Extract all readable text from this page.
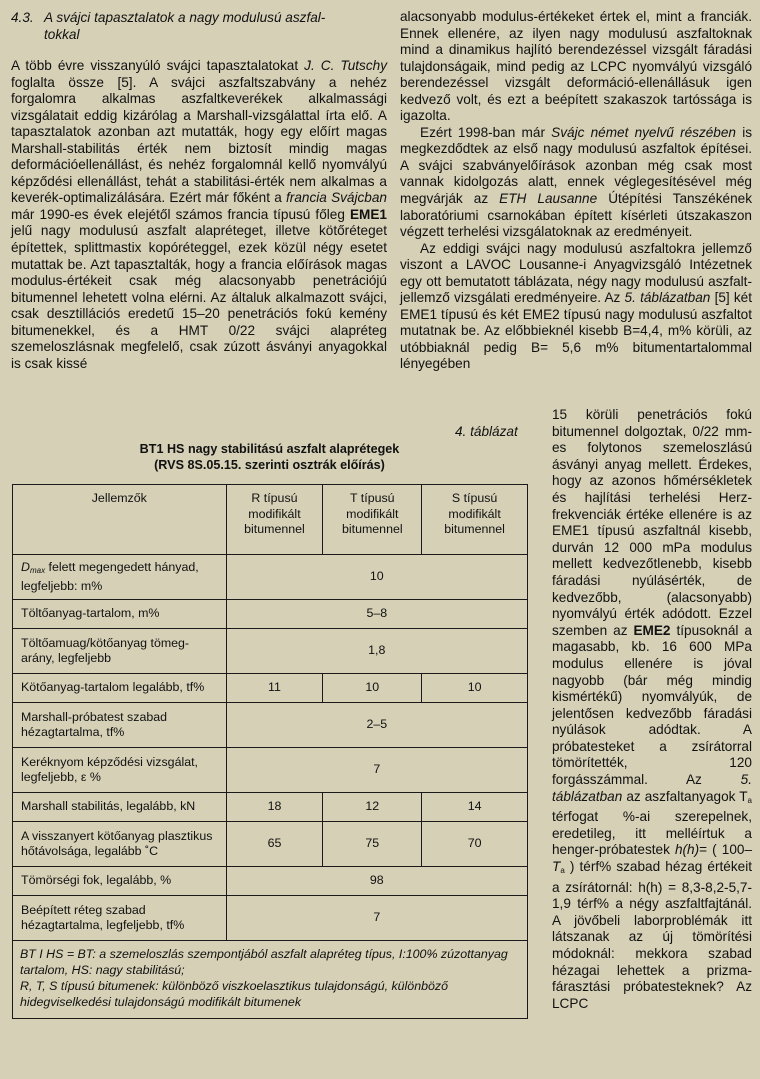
4.3. A svájci tapasztalatok a nagy modulusú aszfal-
tokkal

A több évre visszanyúló svájci tapasztalatokat J. C. Tutschy foglalta össze [5]. A svájci aszfaltszabvány a nehéz forgalomra alkalmas aszfaltkeverékek alkalmassági vizsgálatait eddig kizárólag a Marshall-vizsgálattal írta elő. A tapasztalatok azonban azt mutatták, hogy egy előírt magas Marshall-stabilitás érték nem biztosít mindig magas deformációellenállást, és nehéz forgalomnál kellő nyomvályú képződési ellenállást, tehát a stabilitási-érték nem alkalmas a keverék-optimalizálására. Ezért már főként a francia Svájcban már 1990-es évek elejétől számos francia típusú főleg EME1 jelű nagy modulusú aszfalt alapréteget, illetve kötőréteget építettek, splittmastix kopóréteggel, ezek közül négy esetet mutattak be. Azt tapasztalták, hogy a francia előírások magas modulus-értékeit csak még alacsonyabb penetrációjú bitumennel lehetett volna elérni. Az általuk alkalmazott svájci, csak desztillációs eredetű 15–20 penetrációs fokú kemény bitumenekkel, és a HMT 0/22 svájci alapréteg szemeloszlásnak megfelelő, csak zúzott ásványi anyagokkal is csak kissé

alacsonyabb modulus-értékeket értek el, mint a franciák. Ennek ellenére, az ilyen nagy modulusú aszfaltoknak mind a dinamikus hajlító berendezéssel vizsgált fáradási tulajdonságaik, mind pedig az LCPC nyomvályú vizsgáló berendezéssel vizsgált deformáció-ellenállásuk igen kedvező volt, és ezt a beépített szakaszok tartóssága is igazolta.

Ezért 1998-ban már Svájc német nyelvű részében is megkezdődtek az első nagy modulusú aszfaltok építései. A svájci szabványelőírások azonban még csak most vannak kidolgozás alatt, ennek véglegesítésével még megvárják az ETH Lausanne Útépítési Tanszékének laboratóriumi csarnokában épített kísérleti útszakaszon végzett terhelési vizsgálatoknak az eredményeit.

Az eddigi svájci nagy modulusú aszfaltokra jellemző viszont a LAVOC Lousanne-i Anyagvizsgáló Intézetnek egy ott bemutatott táblázata, négy nagy modulusú aszfalt-jellemző vizsgálati eredményeire. Az 5. táblázatban [5] két EME1 típusú és két EME2 típusú nagy modulusú aszfaltot mutatnak be. Az előbbieknél kisebb B=4,4, m% körüli, az utóbbiaknál pedig B= 5,6 m% bitumentartalommal lényegében

15 körüli penetrációs fokú bitumennel dolgoztak, 0/22 mm-es folytonos szemeloszlású ásványi anyag mellett. Érdekes, hogy az azonos hőmérsékletek és hajlítási terhelési Herz-frekvenciák értéke ellenére is az EME1 típusú aszfaltnál kisebb, durván 12 000 mPa modulus mellett kedvezőtlenebb, kisebb fáradási nyúlásérték, de kedvezőbb, (alacsonyabb) nyomvályú érték adódott. Ezzel szemben az EME2 típusoknál a magasabb, kb. 16 600 MPa modulus ellenére is jóval nagyobb (bár még mindig kismértékű) nyomvályúk, de jelentősen kedvezőbb fáradási nyúlások adódtak. A próbatesteket a zsírátorral tömörítették, 120 forgásszámmal. Az 5. táblázatban az aszfaltanyagok $T_a$ térfogat %-ai szerepelnek, eredetileg, itt melléírtuk a henger-próbatestek h(h)= ( $100-T_a$ ) térf% szabad hézag értékeit a zsírátornál: h(h) = 8,3-8,2-5,7-1,9 térf% a négy aszfaltfajtánál. A jövőbeli laborproblémák itt látszanak az új tömörítési módoknál: mekkora szabad hézagai lehettek a prizma-fárasztási próbatesteknek? Az LCPC

4. táblázat
BT1 HS nagy stabilitású aszfalt alaprétegek
(RVS 8S.05.15. szerinti osztrák előírás)
Jellemzők	R típusú modifikált bitumennel	T típusú modifikált bitumennel	S típusú modifikált bitumennel
$D_{max}$ felett megengedett hányad, legfeljebb: m%	10		
Töltőanyag-tartalom, m%	5–8		
Töltőamuag/kötőanyag tömeg-arány, legfeljebb	1,8		
Kötőanyag-tartalom legalább, tf%	11	10	10
Marshall-próbatest szabad hézagtartalma, tf%	2–5		
Keréknyom képződési vizsgálat, legfeljebb, ε %	7		
Marshall stabilitás, legalább, kN	18	12	14
A visszanyert kötőanyag plasztikus hőtávolsága, legalább ˚C	65	75	70
Tömörségi fok, legalább, %	98		
Beépített réteg szabad hézagtartalma, legfeljebb, tf%	7		

BT I HS = BT: a szemeloszlás szempontjából aszfalt alapréteg típus, I:100% zúzottanyag tartalom, HS: nagy stabilitású;
R, T, S típusú bitumenek: különböző viszkoelasztikus tulajdonságú, különböző hidegviselkedési tulajdonságú modifikált bitumenek			
